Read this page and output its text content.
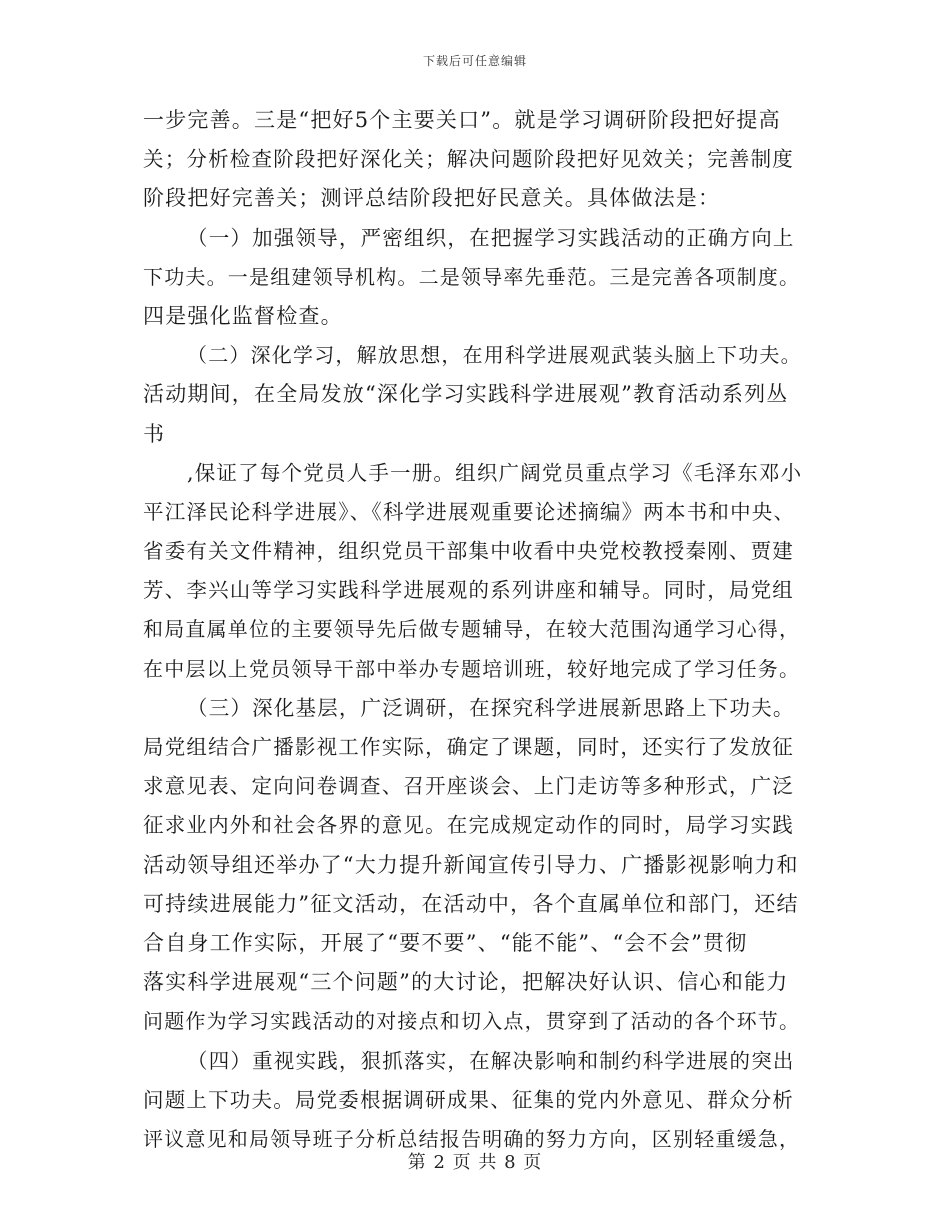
下载后可任意编辑
一步完善。三是“把好5个主要关口”。就是学习调研阶段把好提高
关；分析检查阶段把好深化关；解决问题阶段把好见效关；完善制度
阶段把好完善关；测评总结阶段把好民意关。具体做法是：
（一）加强领导，严密组织，在把握学习实践活动的正确方向上
下功夫。一是组建领导机构。二是领导率先垂范。三是完善各项制度。
四是强化监督检查。
（二）深化学习，解放思想，在用科学进展观武装头脑上下功夫。
活动期间，在全局发放“深化学习实践科学进展观”教育活动系列丛
书
,保证了每个党员人手一册。组织广阔党员重点学习《毛泽东邓小
平江泽民论科学进展》、《科学进展观重要论述摘编》两本书和中央、
省委有关文件精神，组织党员干部集中收看中央党校教授秦刚、贾建
芳、李兴山等学习实践科学进展观的系列讲座和辅导。同时，局党组
和局直属单位的主要领导先后做专题辅导，在较大范围沟通学习心得，
在中层以上党员领导干部中举办专题培训班，较好地完成了学习任务。
（三）深化基层，广泛调研，在探究科学进展新思路上下功夫。
局党组结合广播影视工作实际，确定了课题，同时，还实行了发放征
求意见表、定向问卷调查、召开座谈会、上门走访等多种形式，广泛
征求业内外和社会各界的意见。在完成规定动作的同时，局学习实践
活动领导组还举办了“大力提升新闻宣传引导力、广播影视影响力和
可持续进展能力”征文活动，在活动中，各个直属单位和部门，还结
合自身工作实际，开展了“要不要”、“能不能”、“会不会”贯彻
落实科学进展观“三个问题”的大讨论，把解决好认识、信心和能力
问题作为学习实践活动的对接点和切入点，贯穿到了活动的各个环节。
（四）重视实践，狠抓落实，在解决影响和制约科学进展的突出
问题上下功夫。局党委根据调研成果、征集的党内外意见、群众分析
评议意见和局领导班子分析总结报告明确的努力方向，区别轻重缓急，
第 2 页 共 8 页
